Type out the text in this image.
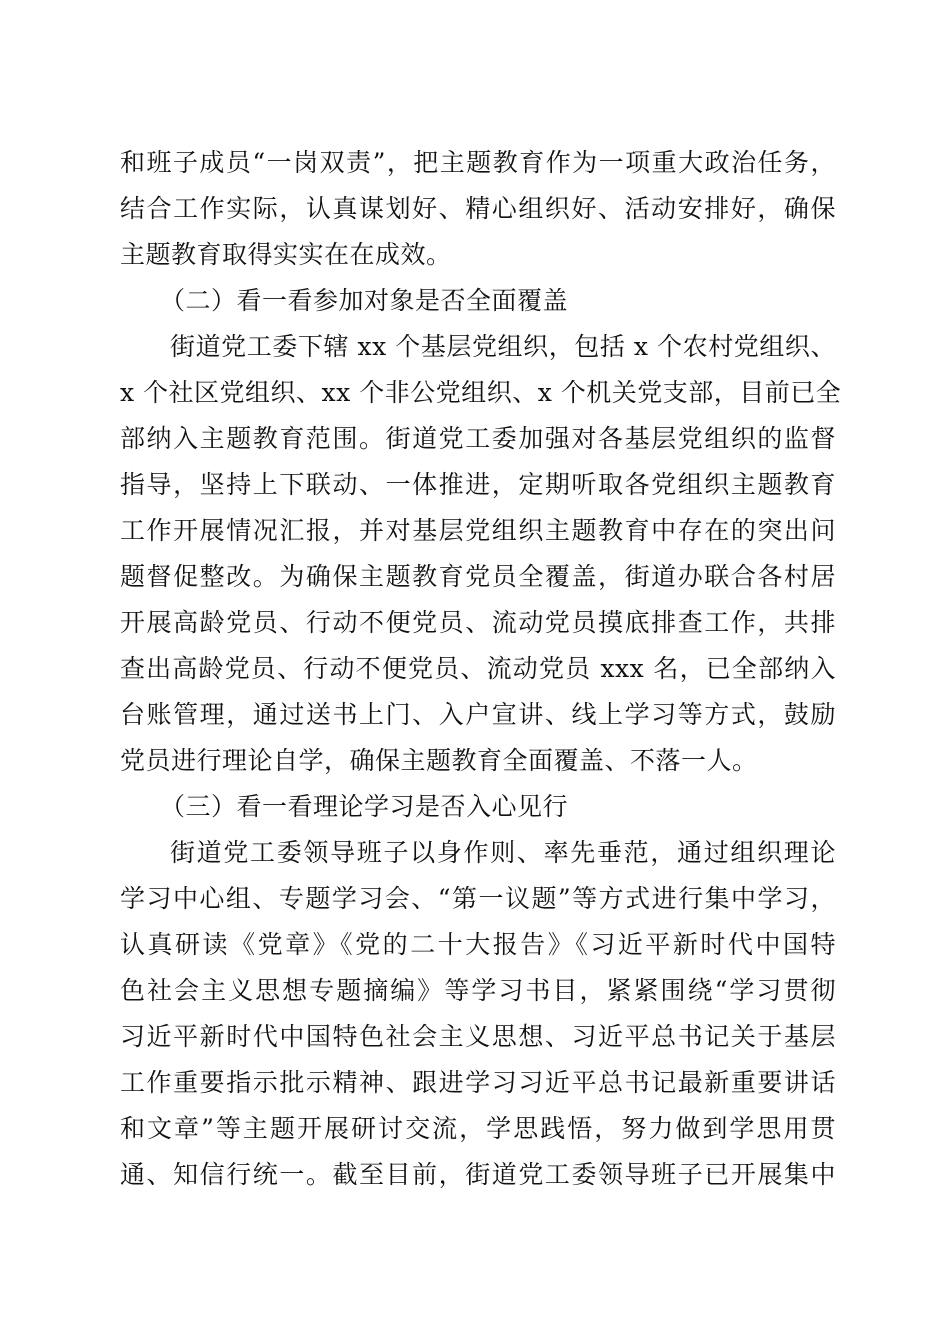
和班子成员“一岗双责”，把主题教育作为一项重大政治任务，
结合工作实际，认真谋划好、精心组织好、活动安排好，确保
主题教育取得实实在在成效。
（二）看一看参加对象是否全面覆盖
街道党工委下辖 xx 个基层党组织，包括 x 个农村党组织、
x 个社区党组织、xx 个非公党组织、x 个机关党支部，目前已全
部纳入主题教育范围。街道党工委加强对各基层党组织的监督
指导，坚持上下联动、一体推进，定期听取各党组织主题教育
工作开展情况汇报，并对基层党组织主题教育中存在的突出问
题督促整改。为确保主题教育党员全覆盖，街道办联合各村居
开展高龄党员、行动不便党员、流动党员摸底排查工作，共排
查出高龄党员、行动不便党员、流动党员 xxx 名，已全部纳入
台账管理，通过送书上门、入户宣讲、线上学习等方式，鼓励
党员进行理论自学，确保主题教育全面覆盖、不落一人。
（三）看一看理论学习是否入心见行
街道党工委领导班子以身作则、率先垂范，通过组织理论
学习中心组、专题学习会、“第一议题”等方式进行集中学习，
认真研读《党章》《党的二十大报告》《习近平新时代中国特
色社会主义思想专题摘编》等学习书目，紧紧围绕“学习贯彻
习近平新时代中国特色社会主义思想、习近平总书记关于基层
工作重要指示批示精神、跟进学习习近平总书记最新重要讲话
和文章”等主题开展研讨交流，学思践悟，努力做到学思用贯
通、知信行统一。截至目前，街道党工委领导班子已开展集中
